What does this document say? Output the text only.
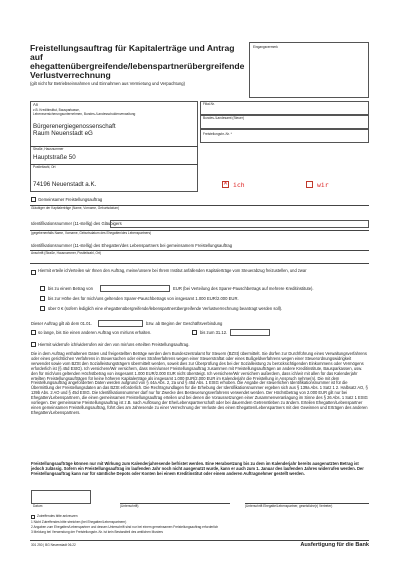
Freistellungsauftrag für Kapitalerträge und Antrag auf ehegattenübergreifende/lebenspartnerübergreifende Verlustverrechnung
(gilt nicht für Betriebseinnahmen und Einnahmen aus Vermietung und Verpachtung)
Eingangsvermerk
An
z.B. Kreditinstitut, Bausparkasse,
Lebensversicherungsunternehmen, Bundes-/Landesschuldenverwaltung
Bürgerenergiegenossenschaft
Raum Neuenstadt eG
Straße, Hausnummer
Hauptstraße 50
Postleitzahl, Ort
74196 Neuenstadt a.K.
Filial-Nr.
Bundes-/Landesamt (Steuer)
Freistellungsbr.-Nr. *
✕ ich	wir
Gemeinsamer Freistellungsauftrag
Gläubiger der Kapitalerträge (Name, Vorname, Geburtsdatum)
Identifikationsnummer (11-stellig) des Gläubigers
(gegebenenfalls Name, Vorname, Geburtsdatum des Ehegatten/des Lebenspartners)
Identifikationsnummer (11-stellig) des Ehegatten/des Lebenspartners bei gemeinsamem Freistellungsauftrag
Anschrift (Straße, Hausnummer, Postleitzahl, Ort)
Hiermit erteile ich/erteilen wir Ihnen den Auftrag, meine/unsere bei Ihrem Institut anfallenden Kapitalerträge vom Steuerabzug freizustellen, und zwar
bis zu einem Betrag von	EUR (bei Verteilung des Sparer-Pauschbetrags auf mehrere Kreditinstitute).
bis zur Höhe des für mich/uns geltenden Sparer-Pauschbetrags von insgesamt 1.000 EUR/2.000 EUR.
über 0 € (sofern lediglich eine ehegattenübergreifende/lebenspartnerübergreifende Verlustverrechnung beantragt werden soll).
Dieser Auftrag gilt ab dem 01.01.	bzw. ab Beginn der Geschäftsverbindung
so lange, bis Sie einen anderen Auftrag von mir/uns erhalten.	bis zum 31.12.
Hiermit widerrufe ich/widerrufen wir den von mir/uns erteilten Freistellungsauftrag.
Die in dem Auftrag enthaltenen Daten und freigestellten Beträge werden dem Bundeszentralamt für Steuern (BZSt) übermittelt. Sie dürfen zur Durchführung eines Verwaltungsverfahrens oder eines gerichtlichen Verfahrens in Steuersachen oder eines Strafverfahrens wegen einer Steuerstraftat oder eines Bußgeldverfahrens wegen einer Steuerordnungswidrigkeit verwendet sowie vom BZSt den Sozialleistungsträgern übermittelt werden, soweit dies zur Überprüfung des bei der Sozialleistung zu berücksichtigenden Einkommens oder Vermögens erforderlich ist (§ 45d EStG). Ich versichere/Wir versichern, dass mein/unser Freistellungsauftrag zusammen mit Freistellungsaufträgen an andere Kreditinstitute, Bausparkassen, usw. den für mich/uns geltenden Höchstbetrag von insgesamt 1.000 EUR/2.000 EUR nicht übersteigt. Ich versichere/Wir versichern außerdem, dass ich/wir mit allen für das Kalenderjahr erteilten Freistellungsaufträgen für keine höheren Kapitalerträge als insgesamt 1.000 EUR/2.000 EUR im Kalenderjahr die Freistellung in Anspruch nehme(n). Die mit dem Freistellungsauftrag angeforderten Daten werden aufgrund von § 44a Abs. 2, 2a und § 45d Abs. 1 EStG erhoben. Die Angabe der steuerlichen Identifikationsnummer ist für die Übermittlung der Freistellungsdaten an das BZSt erforderlich. Die Rechtsgrundlagen für die Erhebung der Identifikationsnummer ergeben sich aus § 139a Abs. 1 Satz 1 2. Halbsatz AO, § 139b Abs. 2 AO und § 45d EStG. Die Identifikationsnummer darf nur für Zwecke des Besteuerungsverfahrens verwendet werden. Der Höchstbetrag von 2.000 EUR gilt nur bei Ehegatten/Lebenspartnern, die einen gemeinsamen Freistellungsauftrag erteilen und bei denen die Voraussetzungen einer Zusammenveranlagung im Sinne des § 26 Abs. 1 Satz 1 EStG vorliegen. Der gemeinsame Freistellungsauftrag ist z.B. nach Auflösung der Ehe/Lebenspartnerschaft oder bei dauerndem Getrenntleben zu ändern. Erteilen Ehegatten/Lebenspartner einen gemeinsamen Freistellungsauftrag, führt dies am Jahresende zu einer Verrechnung der Verluste des einen Ehegatten/Lebenspartners mit den Gewinnen und Erträgen des anderen Ehegatten/Lebenspartners.
Freistellungsaufträge können nur mit Wirkung zum Kalenderjahresende befristet werden. Eine Herabsetzung bis zu dem im Kalenderjahr bereits ausgenutzten Betrag ist jedoch zulässig. Sofern ein Freistellungsauftrag im laufenden Jahr noch nicht ausgenutzt wurde, kann er auch zum 1. Januar des laufenden Jahres widerrufen werden. Der Freistellungsauftrag kann nur für sämtliche Depots oder Konten bei einem Kreditinstitut oder einem anderen Auftragnehmer gestellt werden.
Datum	(Unterschrift)	(Unterschrift Ehegatte/Lebenspartner, gesetzliche(r) Vertreter)
Zutreffendes bitte ankreuzen
1 Nicht Zutreffendes bitte streichen (bei Ehegatten/Lebenspartnern)
2 Angaben zum Ehegatten/Lebenspartner und dessen Unterschrift sind nur bei einem gemeinsamen Freistellungsauftrag erforderlich
3 Meldung bei Verwendung der Freistellungsbr.-Nr. ist kein Bestandteil des amtlichen Musters
301 250 | BG Neuenstadt 06.22	Ausfertigung für die Bank
